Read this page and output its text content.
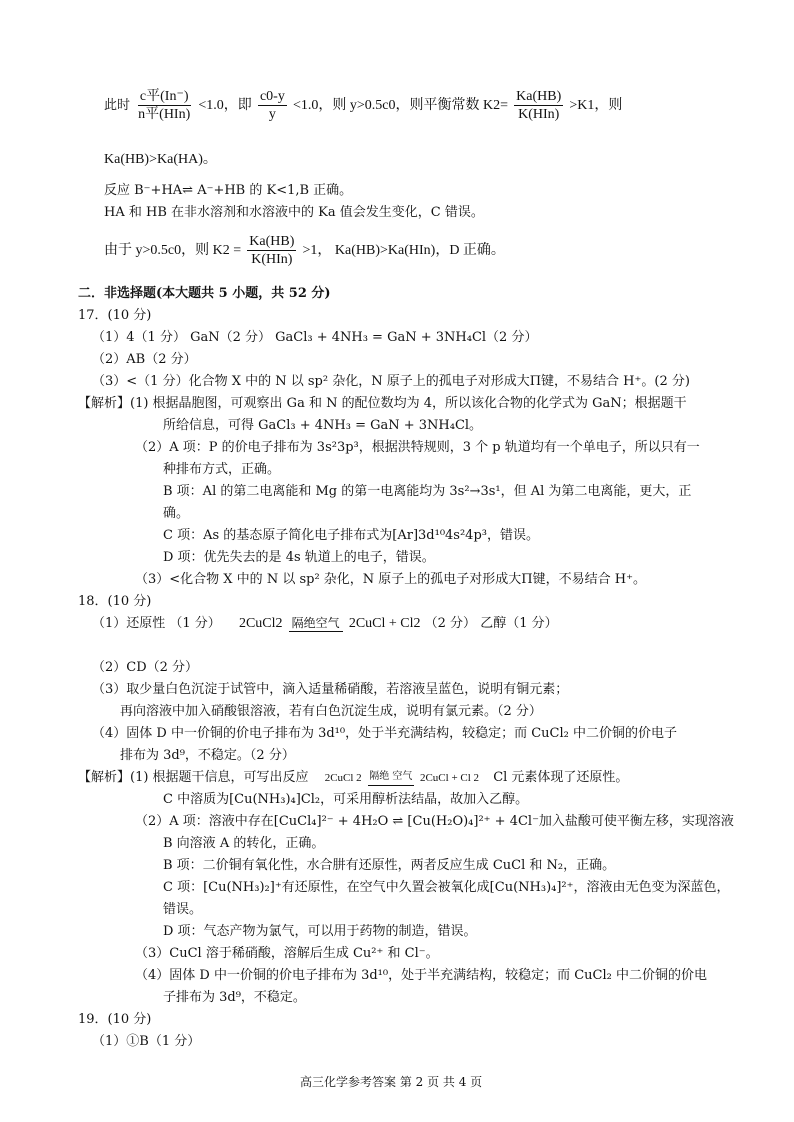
此时 $\frac{\text{c平(In⁻)}}{\text{n平(HIn)}} <1.0$，即 $\frac{c0-y}{y} <1.0$，则 y>0.5c0，则平衡常数 $K2= \frac{Ka(HB)}{\text{K(HIn)}} >K1$，则
Ka(HB)>Ka(HA)。
反应 B⁻+HA⇌ A⁻+HB 的 K<1,B 正确。
HA 和 HB 在非水溶剂和水溶液中的 Ka 值会发生变化，C 错误。
由于 y>0.5c0，则 $K2 = \frac{Ka(HB)}{\text{K(HIn)}} >1$， Ka(HB)>Ka(HIn)，D 正确。
二．非选择题(本大题共 5 小题，共 52 分)
17．(10 分)
（1）4（1 分） GaN（2 分） GaCl₃ + 4NH₃ = GaN + 3NH₄Cl（2 分）
（2）AB（2 分）
（3）<（1 分）化合物 X 中的 N 以 sp² 杂化，N 原子上的孤电子对形成大Π键，不易结合 H⁺。(2 分)
【解析】(1) 根据晶胞图，可观察出 Ga 和 N 的配位数均为 4，所以该化合物的化学式为 GaN；根据题干
所给信息，可得 GaCl₃ + 4NH₃ = GaN + 3NH₄Cl。
（2）A 项：P 的价电子排布为 3s²3p³，根据洪特规则，3 个 p 轨道均有一个单电子，所以只有一
种排布方式，正确。
B 项：Al 的第二电离能和 Mg 的第一电离能均为 3s²→3s¹，但 Al 为第二电离能，更大，正
确。
C 项：As 的基态原子简化电子排布式为[Ar]3d¹⁰4s²4p³，错误。
D 项：优先失去的是 4s 轨道上的电子，错误。
（3）<化合物 X 中的 N 以 sp² 杂化，N 原子上的孤电子对形成大Π键，不易结合 H⁺。
18．(10 分)
（1）还原性 （1 分） 2CuCl2 隔绝空气 2CuCl + Cl2 （2 分） 乙醇（1 分）
（2）CD（2 分）
（3）取少量白色沉淀于试管中，滴入适量稀硝酸，若溶液呈蓝色，说明有铜元素；
再向溶液中加入硝酸银溶液，若有白色沉淀生成，说明有氯元素。（2 分）
（4）固体 D 中一价铜的价电子排布为 3d¹⁰，处于半充满结构，较稳定；而 CuCl₂ 中二价铜的价电子
排布为 3d⁹，不稳定。（2 分）
【解析】(1) 根据题干信息，可写出反应 2CuCl 2 隔绝 空气 2CuCl + Cl 2 Cl 元素体现了还原性。
C 中溶质为[Cu(NH₃)₄]Cl₂，可采用醇析法结晶，故加入乙醇。
（2）A 项：溶液中存在[CuCl₄]²⁻ + 4H₂O ⇌ [Cu(H₂O)₄]²⁺ + 4Cl⁻加入盐酸可使平衡左移，实现溶液
B 向溶液 A 的转化，正确。
B 项：二价铜有氧化性，水合肼有还原性，两者反应生成 CuCl 和 N₂，正确。
C 项：[Cu(NH₃)₂]⁺有还原性，在空气中久置会被氧化成[Cu(NH₃)₄]²⁺，溶液由无色变为深蓝色，
错误。
D 项：气态产物为氯气，可以用于药物的制造，错误。
（3）CuCl 溶于稀硝酸，溶解后生成 Cu²⁺ 和 Cl⁻。
（4）固体 D 中一价铜的价电子排布为 3d¹⁰，处于半充满结构，较稳定；而 CuCl₂ 中二价铜的价电
子排布为 3d⁹，不稳定。
19．(10 分)
（1）①B（1 分）
高三化学参考答案 第 2 页 共 4 页
